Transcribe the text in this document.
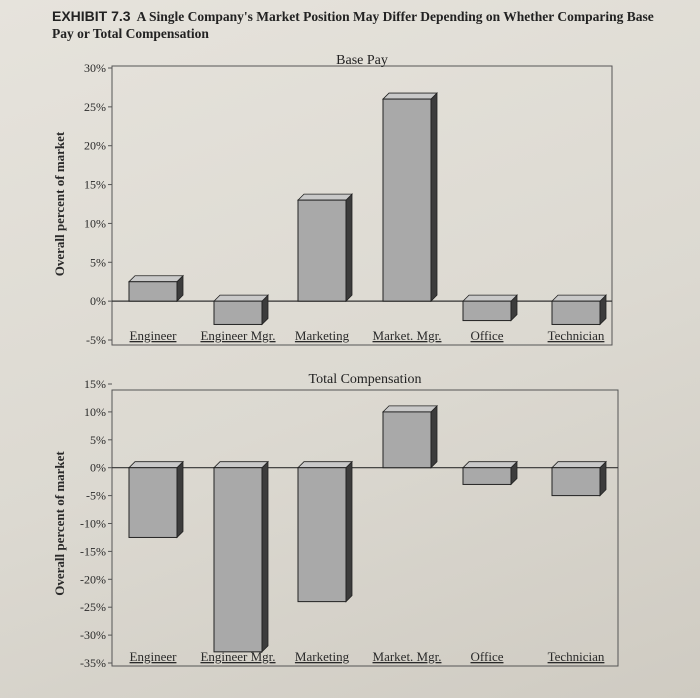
EXHIBIT 7.3 A Single Company's Market Position May Differ Depending on Whether Comparing Base
Pay or Total Compensation
Base Pay
Overall percent of market
-5%
0%
5%
10%
15%
20%
25%
30%
Engineer Engineer Mgr. Marketing Market. Mgr. Office	Technician
Total Compensation
Overall percent of market
-35%
-30%
-25%
-20%
-15%
-10%
-5%
0%
5%
10%
15%
Engineer Engineer Mgr. Marketing Market. Mgr. Office	Technician
